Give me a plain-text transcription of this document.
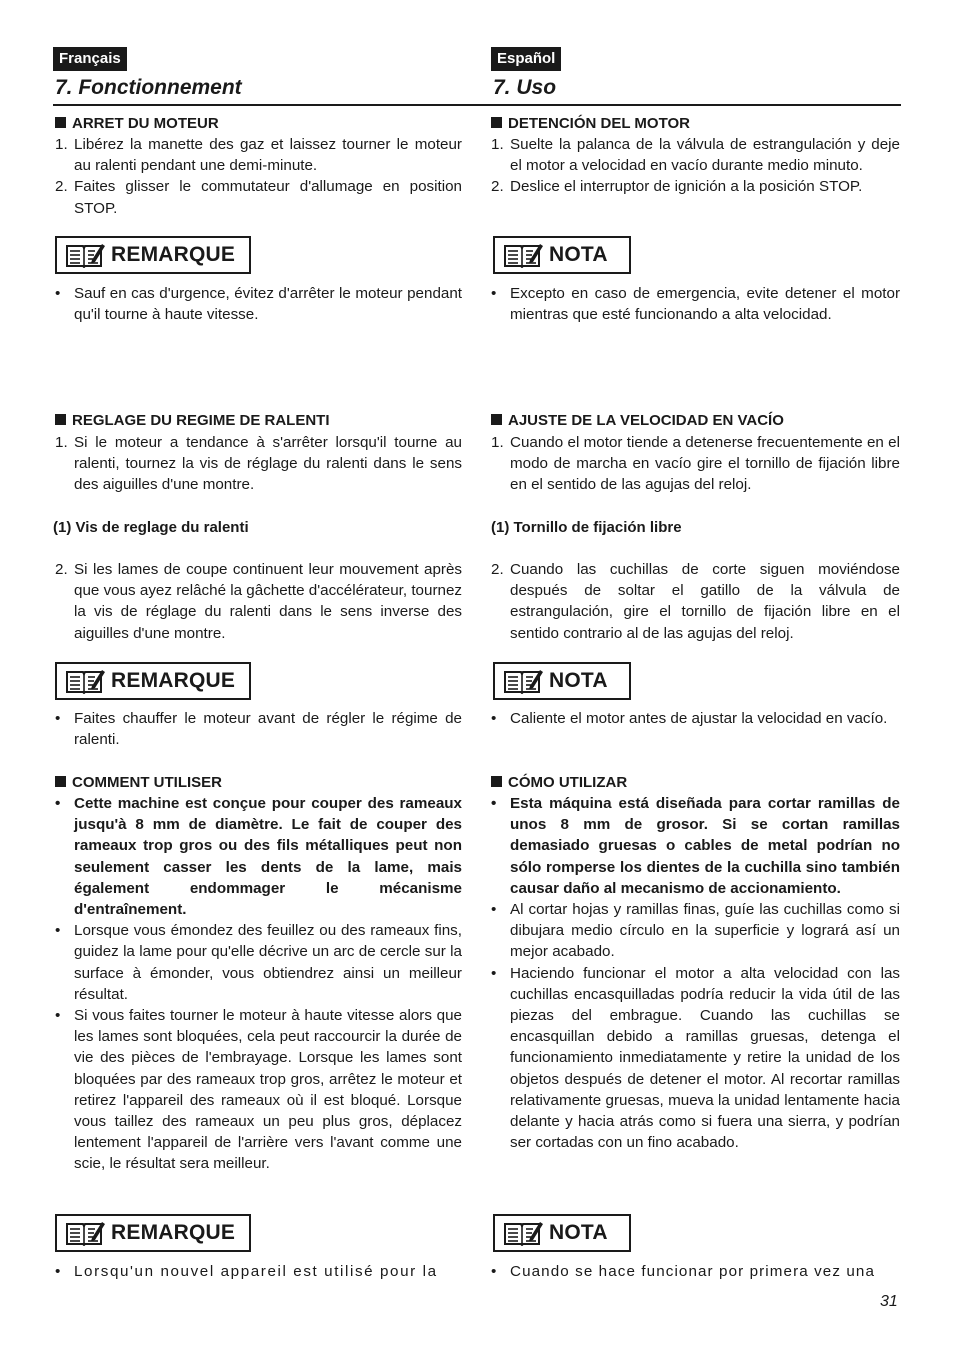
Français
7. Fonctionnement
ARRET DU MOTEUR
1. Libérez la manette des gaz et laissez tourner le moteur au ralenti pendant une demi-minute.
2. Faites glisser le commutateur d'allumage en position STOP.
REMARQUE
• Sauf en cas d'urgence, évitez d'arrêter le moteur pendant qu'il tourne à haute vitesse.
REGLAGE DU REGIME DE RALENTI
1. Si le moteur a tendance à s'arrêter lorsqu'il tourne au ralenti, tournez la vis de réglage du ralenti dans le sens des aiguilles d'une montre.
(1) Vis de reglage du ralenti
2. Si les lames de coupe continuent leur mouvement après que vous ayez relâché la gâchette d'accélérateur, tournez la vis de réglage du ralenti dans le sens inverse des aiguilles d'une montre.
REMARQUE
• Faites chauffer le moteur avant de régler le régime de ralenti.
COMMENT UTILISER
• Cette machine est conçue pour couper des rameaux jusqu'à 8 mm de diamètre. Le fait de couper des rameaux trop gros ou des fils métalliques peut non seulement casser les dents de la lame, mais également endommager le mécanisme d'entraînement.
• Lorsque vous émondez des feuillez ou des rameaux fins, guidez la lame pour qu'elle décrive un arc de cercle sur la surface à émonder, vous obtiendrez ainsi un meilleur résultat.
• Si vous faites tourner le moteur à haute vitesse alors que les lames sont bloquées, cela peut raccourcir la durée de vie des pièces de l'embrayage. Lorsque les lames sont bloquées par des rameaux trop gros, arrêtez le moteur et retirez l'appareil des rameaux où il est bloqué. Lorsque vous taillez des rameaux un peu plus gros, déplacez lentement l'appareil de l'arrière vers l'avant comme une scie, le résultat sera meilleur.
REMARQUE
• Lorsqu'un nouvel appareil est utilisé pour la
Español
7. Uso
DETENCIÓN DEL MOTOR
1. Suelte la palanca de la válvula de estrangulación y deje el motor a velocidad en vacío durante medio minuto.
2. Deslice el interruptor de ignición a la posición STOP.
NOTA
• Excepto en caso de emergencia, evite detener el motor mientras que esté funcionando a alta velocidad.
AJUSTE DE LA VELOCIDAD EN VACÍO
1. Cuando el motor tiende a detenerse frecuentemente en el modo de marcha en vacío gire el tornillo de fijación libre en el sentido de las agujas del reloj.
(1) Tornillo de fijación libre
2. Cuando las cuchillas de corte siguen moviéndose después de soltar el gatillo de la válvula de estrangulación, gire el tornillo de fijación libre en el sentido contrario al de las agujas del reloj.
NOTA
• Caliente el motor antes de ajustar la velocidad en vacío.
CÓMO UTILIZAR
• Esta máquina está diseñada para cortar ramillas de unos 8 mm de grosor. Si se cortan ramillas demasiado gruesas o cables de metal podrían no sólo romperse los dientes de la cuchilla sino también causar daño al mecanismo de accionamiento.
• Al cortar hojas y ramillas finas, guíe las cuchillas como si dibujara medio círculo en la superficie y logrará así un mejor acabado.
• Haciendo funcionar el motor a alta velocidad con las cuchillas encasquilladas podría reducir la vida útil de las piezas del embrague. Cuando las cuchillas se encasquillan debido a ramillas gruesas, detenga el funcionamiento inmediatamente y retire la unidad de los objetos después de detener el motor. Al recortar ramillas relativamente gruesas, mueva la unidad lentamente hacia delante y hacia atrás como si fuera una sierra, y podrían ser cortadas con un fino acabado.
NOTA
• Cuando se hace funcionar por primera vez una
31
